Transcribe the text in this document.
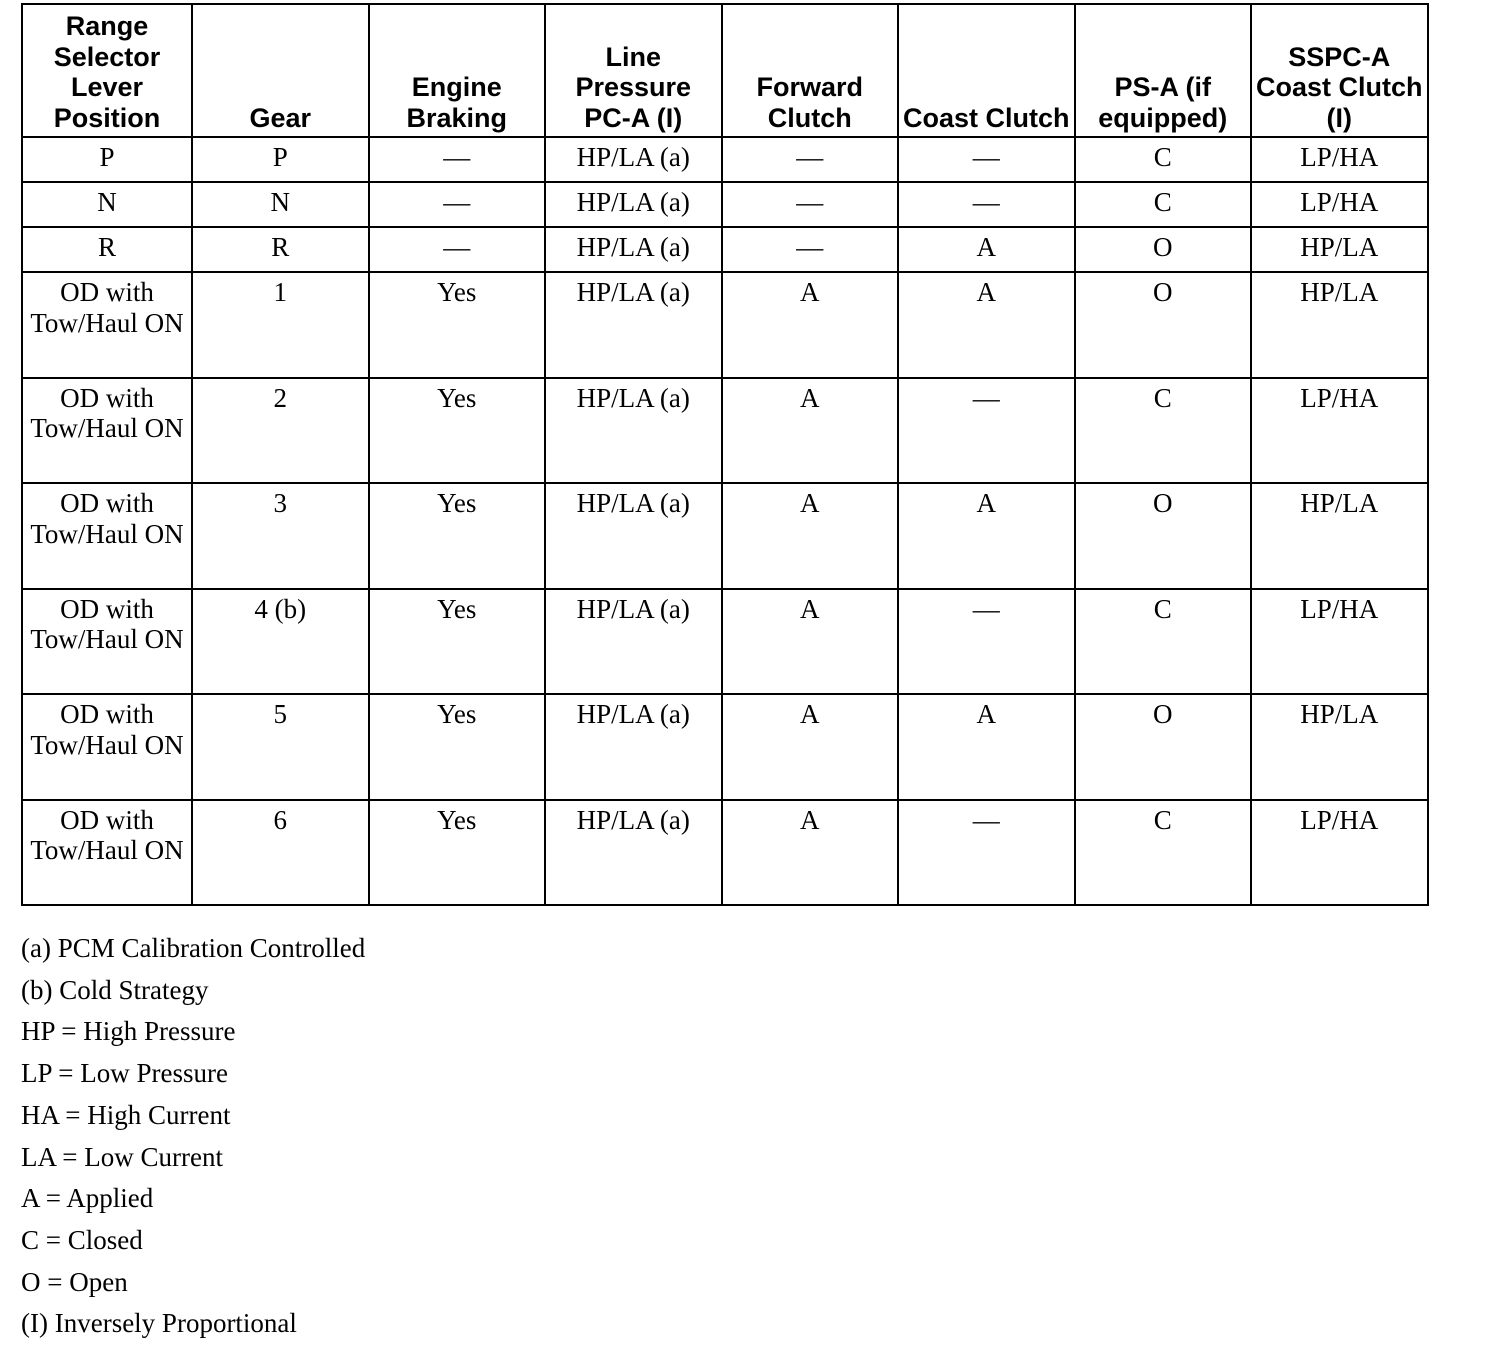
Range Selector Lever Position	Gear	Engine Braking	Line Pressure PC-A (I)	Forward Clutch	Coast Clutch	PS-A (if equipped)	SSPC-A Coast Clutch (I)
P	P	—	HP/LA (a)	—	—	C	LP/HA
N	N	—	HP/LA (a)	—	—	C	LP/HA
R	R	—	HP/LA (a)	—	A	O	HP/LA
OD with Tow/Haul ON	1	Yes	HP/LA (a)	A	A	O	HP/LA
OD with Tow/Haul ON	2	Yes	HP/LA (a)	A	—	C	LP/HA
OD with Tow/Haul ON	3	Yes	HP/LA (a)	A	A	O	HP/LA
OD with Tow/Haul ON	4 (b)	Yes	HP/LA (a)	A	—	C	LP/HA
OD with Tow/Haul ON	5	Yes	HP/LA (a)	A	A	O	HP/LA
OD with Tow/Haul ON	6	Yes	HP/LA (a)	A	—	C	LP/HA
(a) PCM Calibration Controlled
(b) Cold Strategy
HP = High Pressure
LP = Low Pressure
HA = High Current
LA = Low Current
A = Applied
C = Closed
O = Open
(I) Inversely Proportional
